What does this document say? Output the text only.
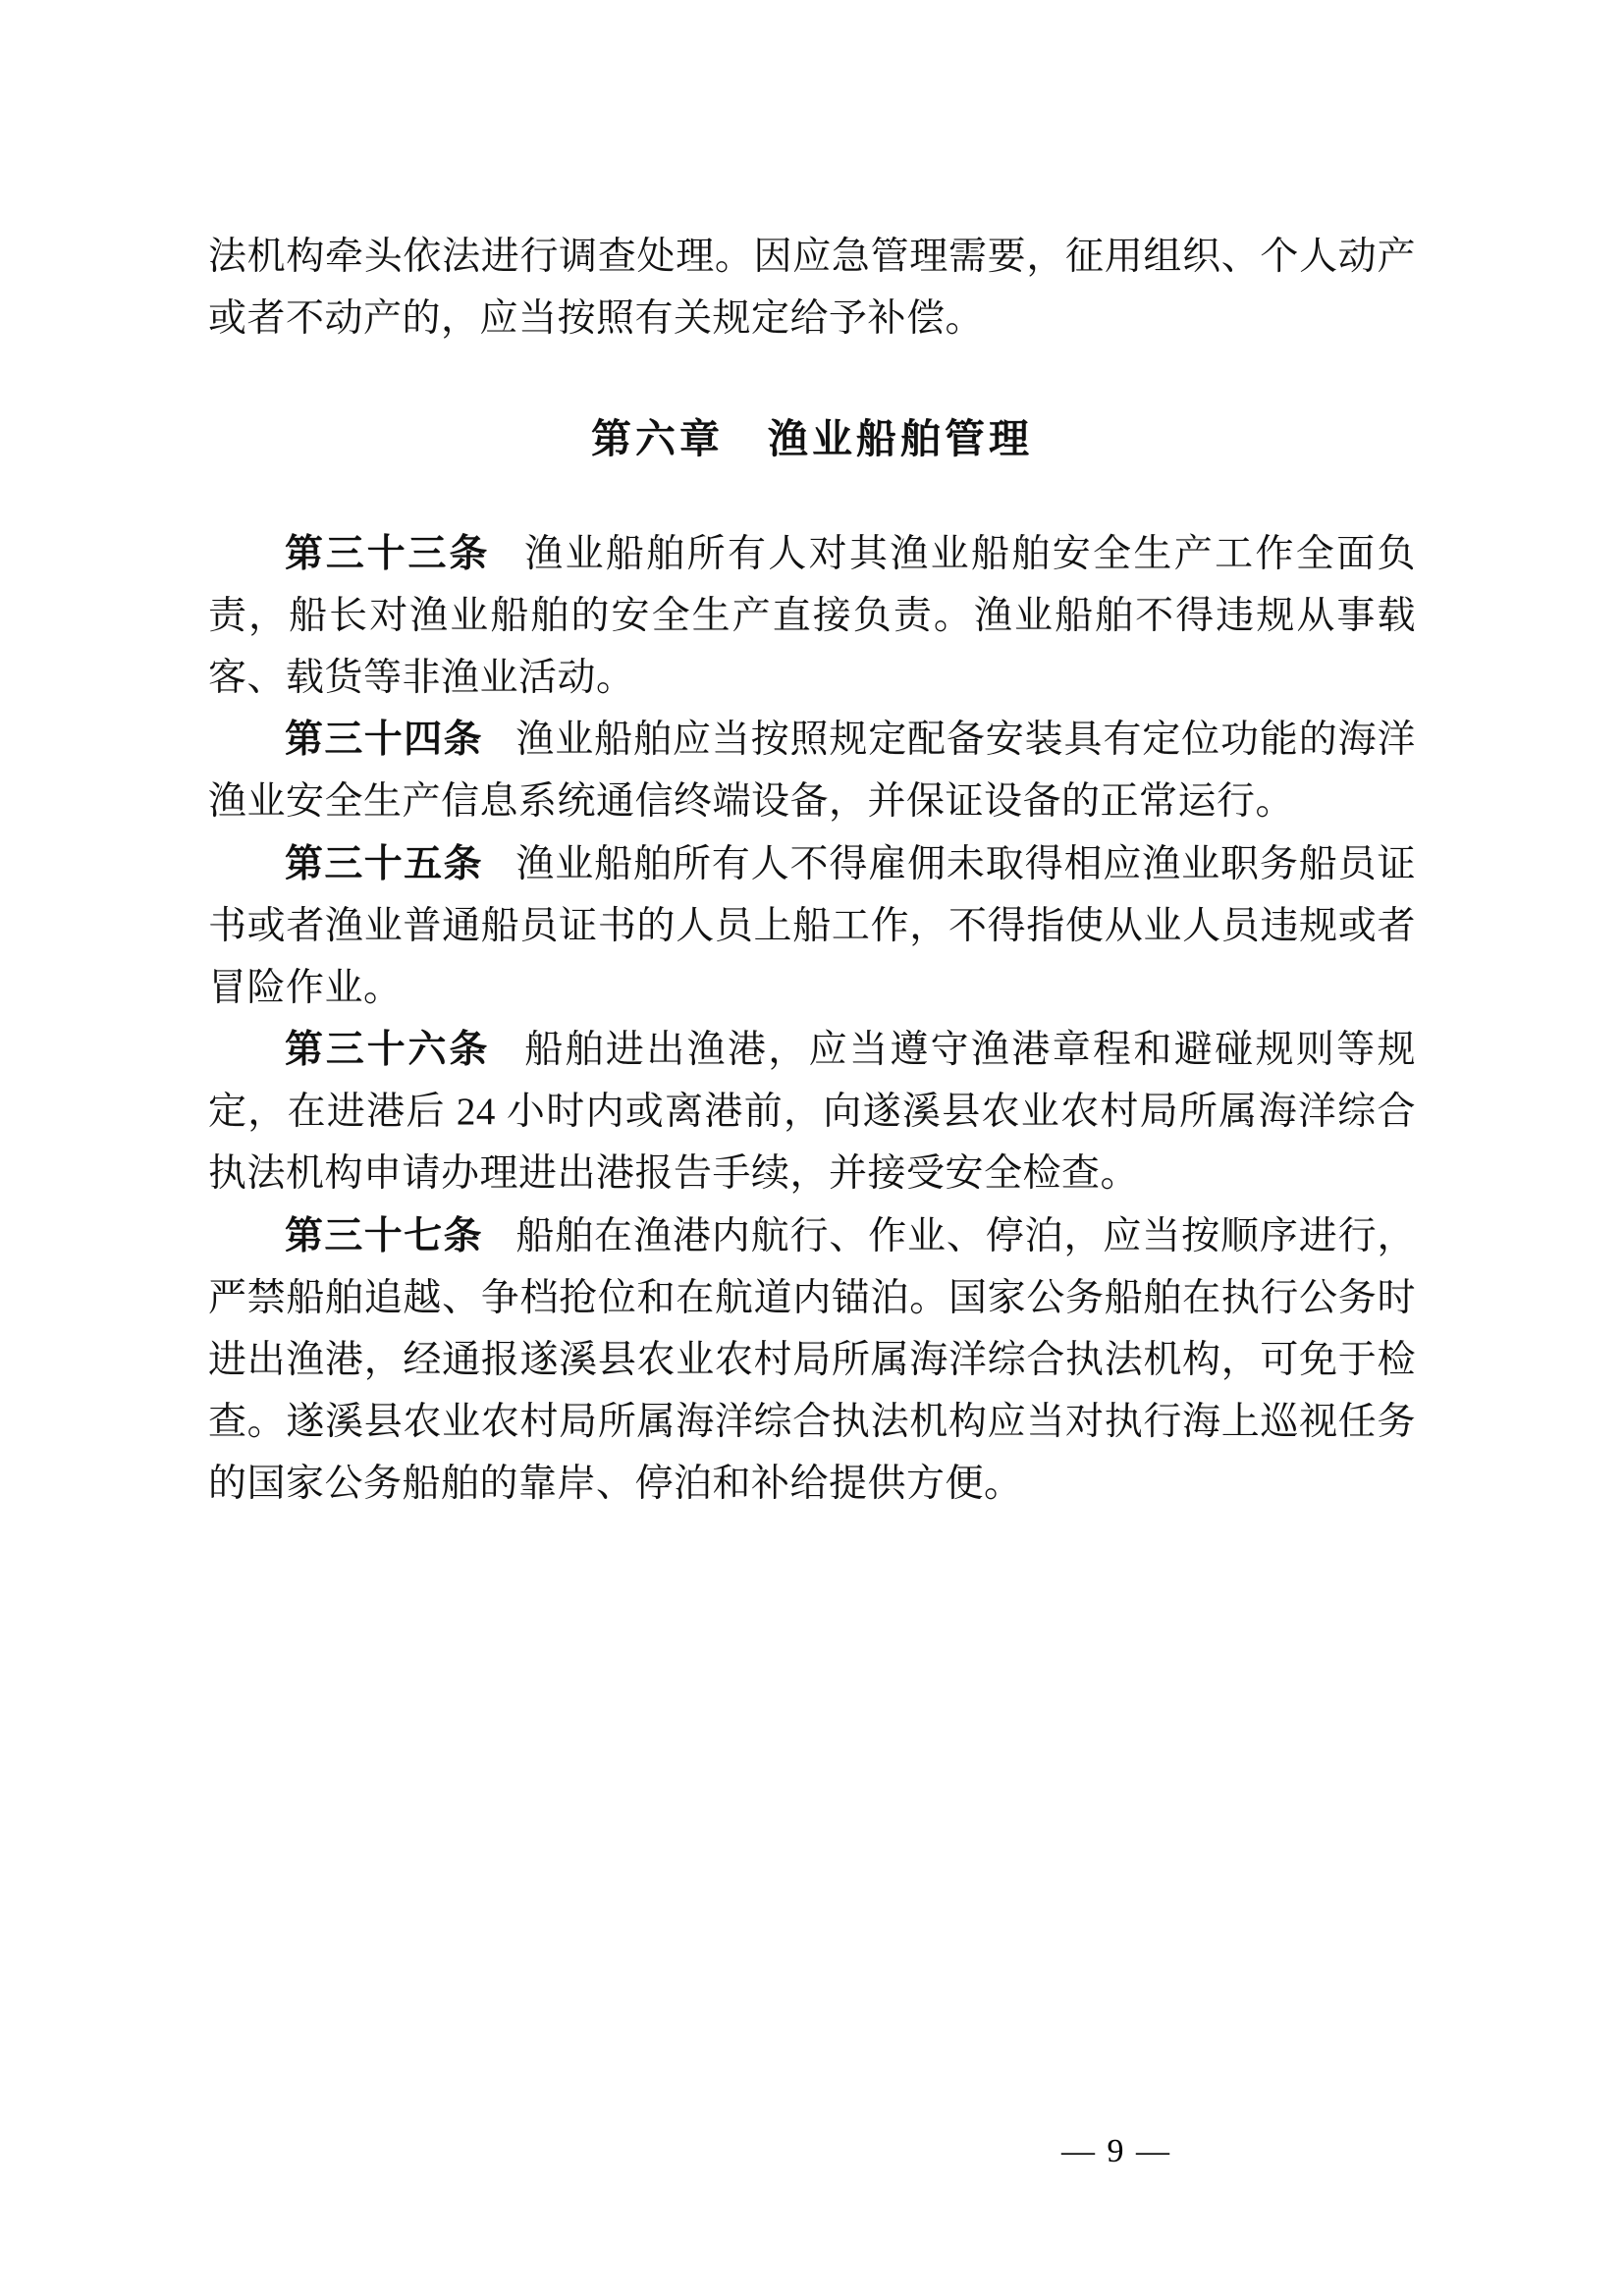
法机构牵头依法进行调查处理。因应急管理需要，征用组织、个人动产或者不动产的，应当按照有关规定给予补偿。

第六章　渔业船舶管理

第三十三条 渔业船舶所有人对其渔业船舶安全生产工作全面负责，船长对渔业船舶的安全生产直接负责。渔业船舶不得违规从事载客、载货等非渔业活动。

第三十四条 渔业船舶应当按照规定配备安装具有定位功能的海洋渔业安全生产信息系统通信终端设备，并保证设备的正常运行。

第三十五条 渔业船舶所有人不得雇佣未取得相应渔业职务船员证书或者渔业普通船员证书的人员上船工作，不得指使从业人员违规或者冒险作业。

第三十六条 船舶进出渔港，应当遵守渔港章程和避碰规则等规定，在进港后 24 小时内或离港前，向遂溪县农业农村局所属海洋综合执法机构申请办理进出港报告手续，并接受安全检查。

第三十七条 船舶在渔港内航行、作业、停泊，应当按顺序进行，严禁船舶追越、争档抢位和在航道内锚泊。国家公务船舶在执行公务时进出渔港，经通报遂溪县农业农村局所属海洋综合执法机构，可免于检查。遂溪县农业农村局所属海洋综合执法机构应当对执行海上巡视任务的国家公务船舶的靠岸、停泊和补给提供方便。

— 9 —
